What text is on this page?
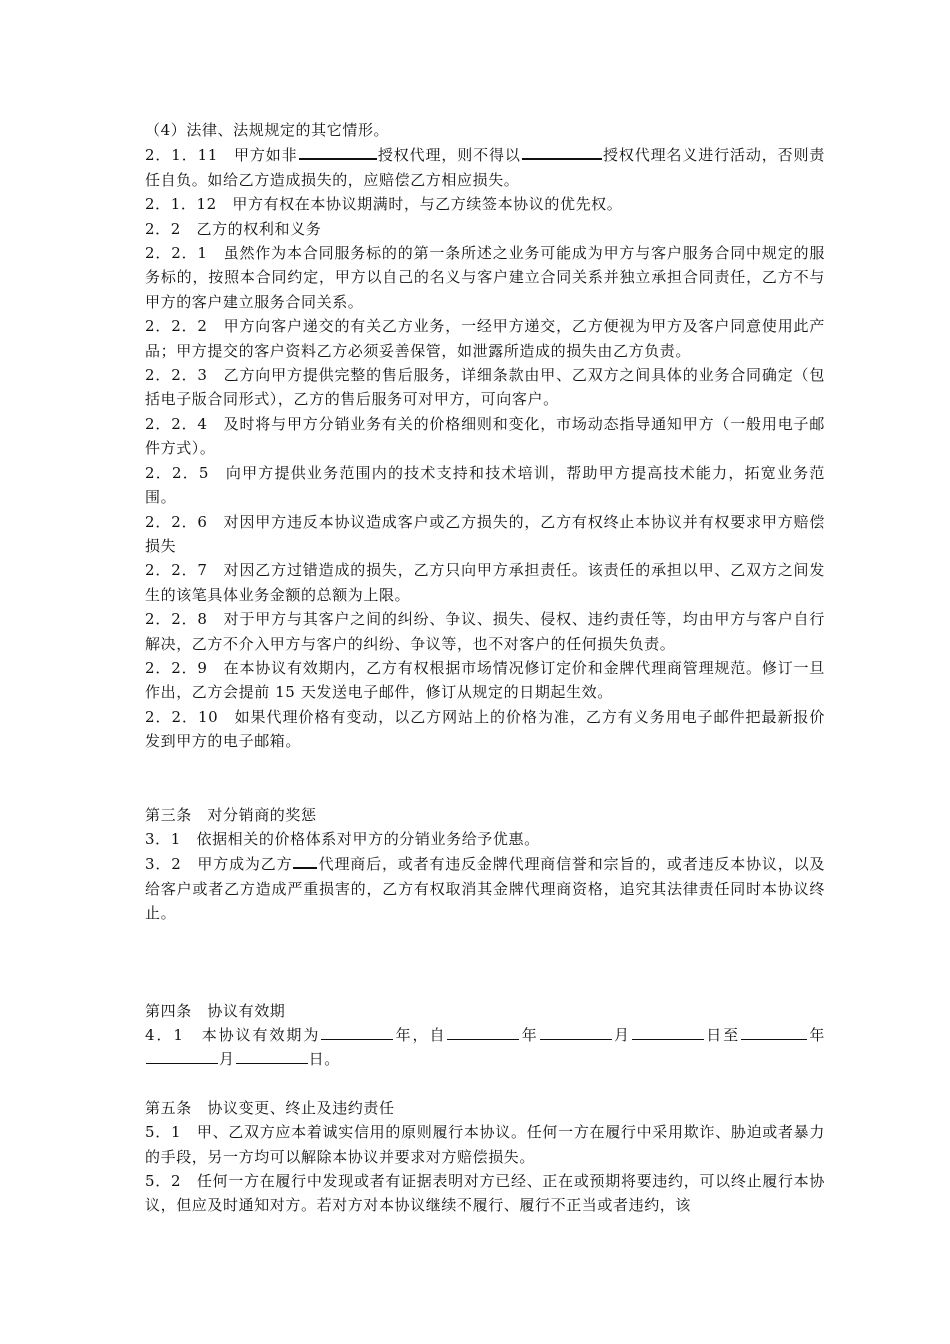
（4）法律、法规规定的其它情形。

2．1．11　甲方如非	授权代理，则不得以	授权代理名义进行活动，否则责任自负。如给乙方造成损失的，应赔偿乙方相应损失。

2．1．12　甲方有权在本协议期满时，与乙方续签本协议的优先权。

2．2　乙方的权利和义务

2．2．1　虽然作为本合同服务标的的第一条所述之业务可能成为甲方与客户服务合同中规定的服务标的，按照本合同约定，甲方以自己的名义与客户建立合同关系并独立承担合同责任，乙方不与甲方的客户建立服务合同关系。

2．2．2　甲方向客户递交的有关乙方业务，一经甲方递交，乙方便视为甲方及客户同意使用此产品；甲方提交的客户资料乙方必须妥善保管，如泄露所造成的损失由乙方负责。

2．2．3　乙方向甲方提供完整的售后服务，详细条款由甲、乙双方之间具体的业务合同确定（包括电子版合同形式），乙方的售后服务可对甲方，可向客户。

2．2．4　及时将与甲方分销业务有关的价格细则和变化，市场动态指导通知甲方（一般用电子邮件方式）。

2．2．5　向甲方提供业务范围内的技术支持和技术培训，帮助甲方提高技术能力，拓宽业务范围。

2．2．6　对因甲方违反本协议造成客户或乙方损失的，乙方有权终止本协议并有权要求甲方赔偿损失

2．2．7　对因乙方过错造成的损失，乙方只向甲方承担责任。该责任的承担以甲、乙双方之间发生的该笔具体业务金额的总额为上限。

2．2．8　对于甲方与其客户之间的纠纷、争议、损失、侵权、违约责任等，均由甲方与客户自行解决，乙方不介入甲方与客户的纠纷、争议等，也不对客户的任何损失负责。

2．2．9　在本协议有效期内，乙方有权根据市场情况修订定价和金牌代理商管理规范。修订一旦作出，乙方会提前 15 天发送电子邮件，修订从规定的日期起生效。

2．2．10　如果代理价格有变动，以乙方网站上的价格为准，乙方有义务用电子邮件把最新报价发到甲方的电子邮箱。

第三条　对分销商的奖惩

3．1　依据相关的价格体系对甲方的分销业务给予优惠。

3．2　甲方成为乙方 代理商后，或者有违反金牌代理商信誉和宗旨的，或者违反本协议，以及给客户或者乙方造成严重损害的，乙方有权取消其金牌代理商资格，追究其法律责任同时本协议终止。

第四条　协议有效期

4．1　本协议有效期为	年，自	年	月	日至	年月	日。

第五条　协议变更、终止及违约责任

5．1　甲、乙双方应本着诚实信用的原则履行本协议。任何一方在履行中采用欺诈、胁迫或者暴力的手段，另一方均可以解除本协议并要求对方赔偿损失。

5．2　任何一方在履行中发现或者有证据表明对方已经、正在或预期将要违约，可以终止履行本协议，但应及时通知对方。若对方对本协议继续不履行、履行不正当或者违约，该
